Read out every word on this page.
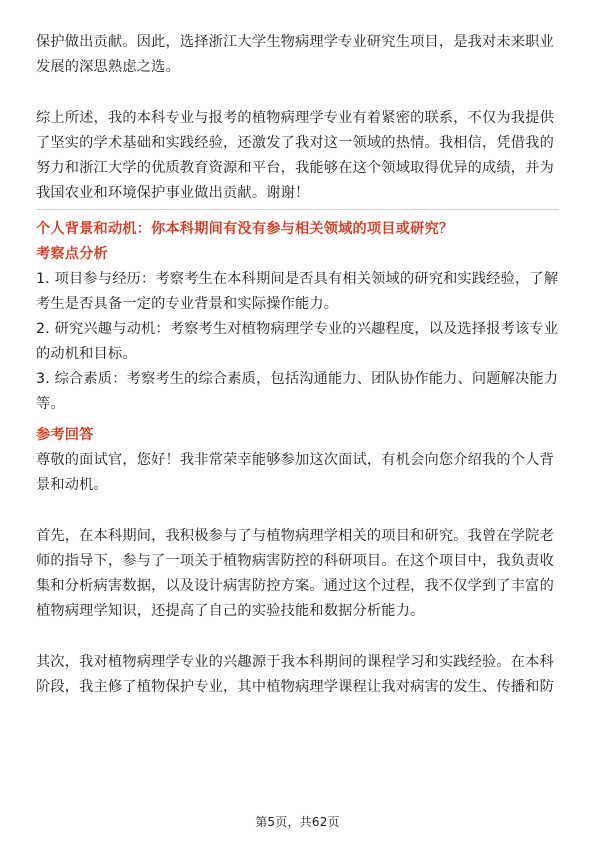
保护做出贡献。因此，选择浙江大学生物病理学专业研究生项目，是我对未来职业发展的深思熟虑之选。

综上所述，我的本科专业与报考的植物病理学专业有着紧密的联系，不仅为我提供了坚实的学术基础和实践经验，还激发了我对这一领域的热情。我相信，凭借我的努力和浙江大学的优质教育资源和平台，我能够在这个领域取得优异的成绩，并为我国农业和环境保护事业做出贡献。谢谢！

个人背景和动机：你本科期间有没有参与相关领域的项目或研究？

考察点分析

1. 项目参与经历：考察考生在本科期间是否具有相关领域的研究和实践经验，了解考生是否具备一定的专业背景和实际操作能力。

2. 研究兴趣与动机：考察考生对植物病理学专业的兴趣程度，以及选择报考该专业的动机和目标。

3. 综合素质：考察考生的综合素质，包括沟通能力、团队协作能力、问题解决能力等。

参考回答

尊敬的面试官，您好！我非常荣幸能够参加这次面试，有机会向您介绍我的个人背景和动机。

首先，在本科期间，我积极参与了与植物病理学相关的项目和研究。我曾在学院老师的指导下，参与了一项关于植物病害防控的科研项目。在这个项目中，我负责收集和分析病害数据，以及设计病害防控方案。通过这个过程，我不仅学到了丰富的植物病理学知识，还提高了自己的实验技能和数据分析能力。

其次，我对植物病理学专业的兴趣源于我本科期间的课程学习和实践经验。在本科阶段，我主修了植物保护专业，其中植物病理学课程让我对病害的发生、传播和防

第5页，共62页
